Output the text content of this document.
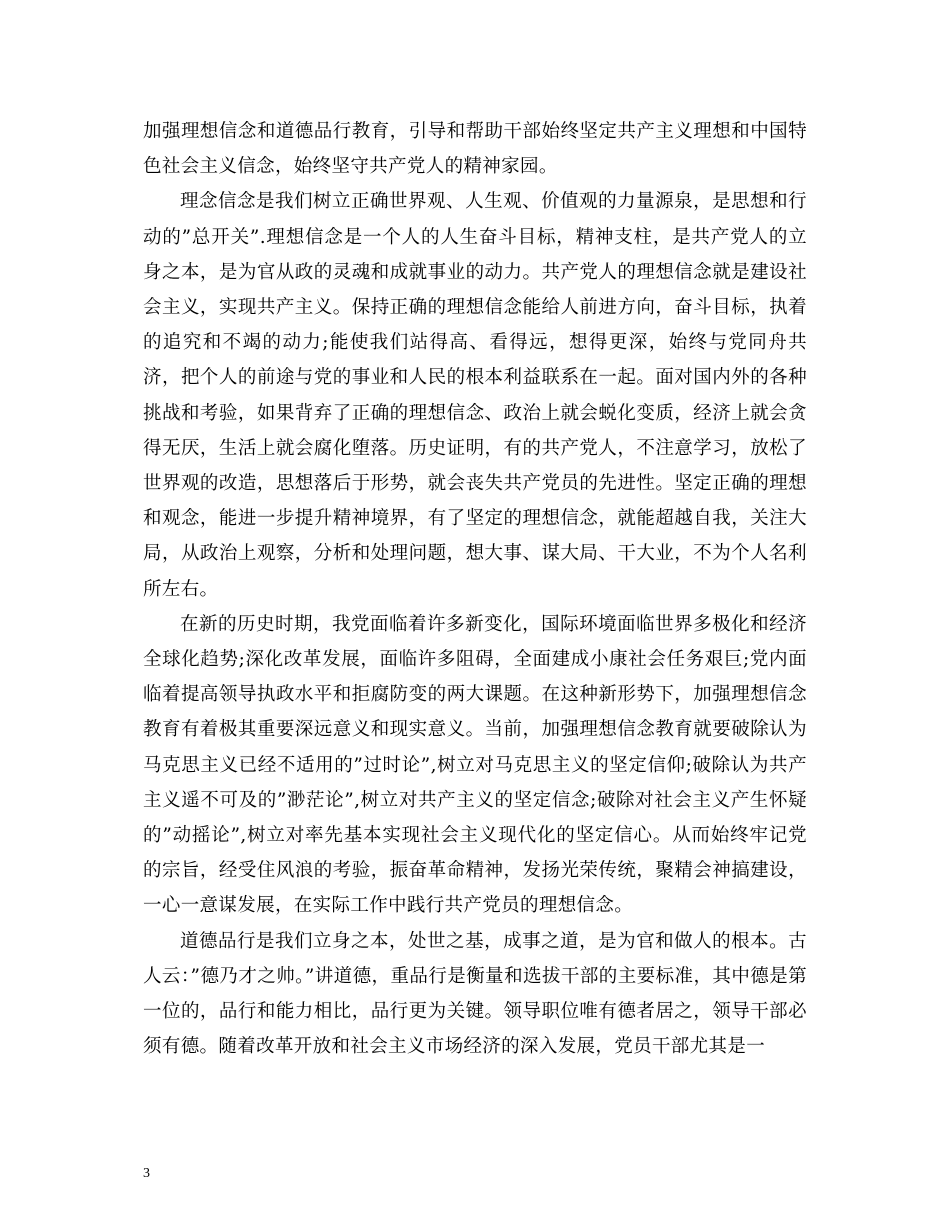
加强理想信念和道德品行教育，引导和帮助干部始终坚定共产主义理想和中国特色社会主义信念，始终坚守共产党人的精神家园。

理念信念是我们树立正确世界观、人生观、价值观的力量源泉，是思想和行动的”总开关”.理想信念是一个人的人生奋斗目标，精神支柱，是共产党人的立身之本，是为官从政的灵魂和成就事业的动力。共产党人的理想信念就是建设社会主义，实现共产主义。保持正确的理想信念能给人前进方向，奋斗目标，执着的追究和不竭的动力;能使我们站得高、看得远，想得更深，始终与党同舟共济，把个人的前途与党的事业和人民的根本利益联系在一起。面对国内外的各种挑战和考验，如果背弃了正确的理想信念、政治上就会蜕化变质，经济上就会贪得无厌，生活上就会腐化堕落。历史证明，有的共产党人，不注意学习，放松了世界观的改造，思想落后于形势，就会丧失共产党员的先进性。坚定正确的理想和观念，能进一步提升精神境界，有了坚定的理想信念，就能超越自我，关注大局，从政治上观察，分析和处理问题，想大事、谋大局、干大业，不为个人名利所左右。

在新的历史时期，我党面临着许多新变化，国际环境面临世界多极化和经济全球化趋势;深化改革发展，面临许多阻碍，全面建成小康社会任务艰巨;党内面临着提高领导执政水平和拒腐防变的两大课题。在这种新形势下，加强理想信念教育有着极其重要深远意义和现实意义。当前，加强理想信念教育就要破除认为马克思主义已经不适用的”过时论”,树立对马克思主义的坚定信仰;破除认为共产主义遥不可及的”渺茫论”,树立对共产主义的坚定信念;破除对社会主义产生怀疑的”动摇论”,树立对率先基本实现社会主义现代化的坚定信心。从而始终牢记党的宗旨，经受住风浪的考验，振奋革命精神，发扬光荣传统，聚精会神搞建设，一心一意谋发展，在实际工作中践行共产党员的理想信念。

道德品行是我们立身之本，处世之基，成事之道，是为官和做人的根本。古人云：”德乃才之帅。”讲道德，重品行是衡量和选拔干部的主要标准，其中德是第一位的，品行和能力相比，品行更为关键。领导职位唯有德者居之，领导干部必须有德。随着改革开放和社会主义市场经济的深入发展，党员干部尤其是一

3
